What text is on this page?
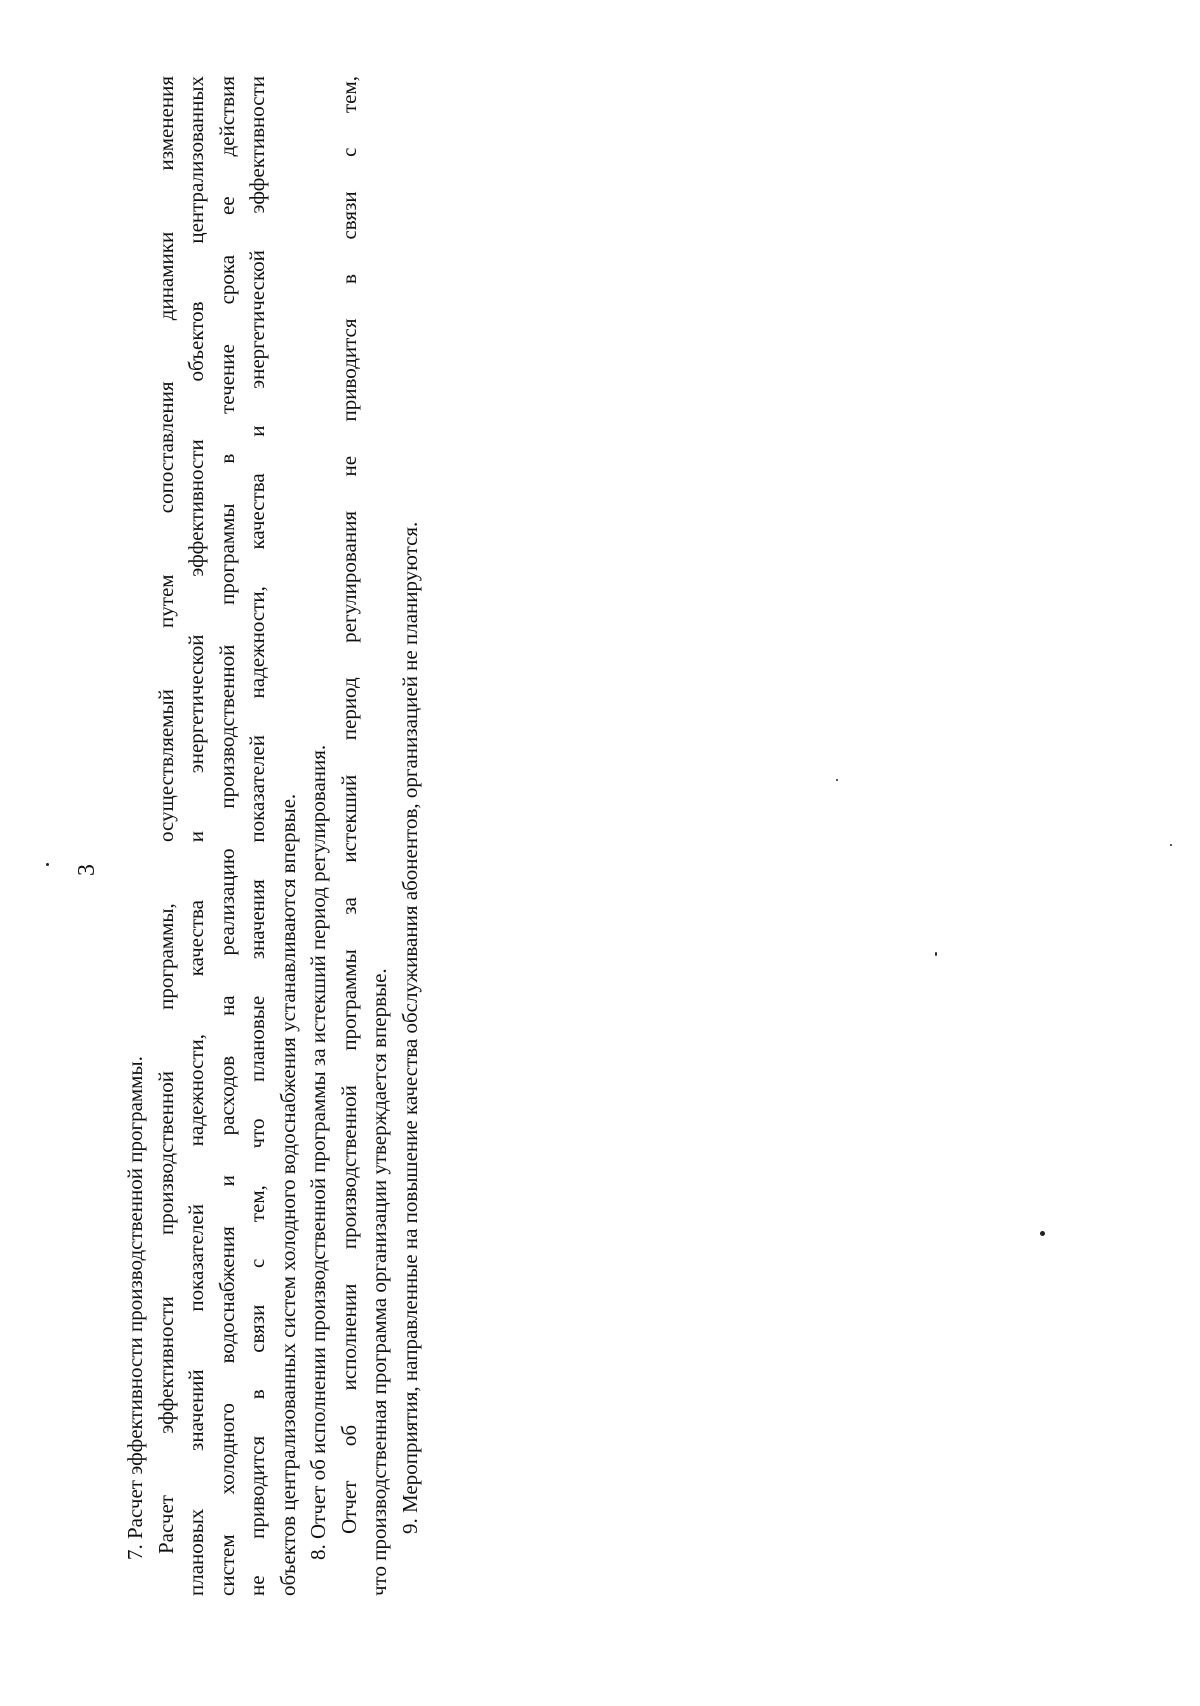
3
7. Расчет эффективности производственной программы. Расчет эффективности производственной программы, осуществляемый путем сопоставления динамики изменения плановых значений показателей надежности, качества и энергетической эффективности объектов централизованных систем холодного водоснабжения и расходов на реализацию производственной программы в течение срока ее действия не приводится в связи с тем, что плановые значения показателей надежности, качества и энергетической эффективности объектов централизованных систем холодного водоснабжения устанавливаются впервые. 8. Отчет об исполнении производственной программы за истекший период регулирования. Отчет об исполнении производственной программы за истекший период регулирования не приводится в связи с тем, что производственная программа организации утверждается впервые. 9. Мероприятия, направленные на повышение качества обслуживания абонентов, организацией не планируются.
